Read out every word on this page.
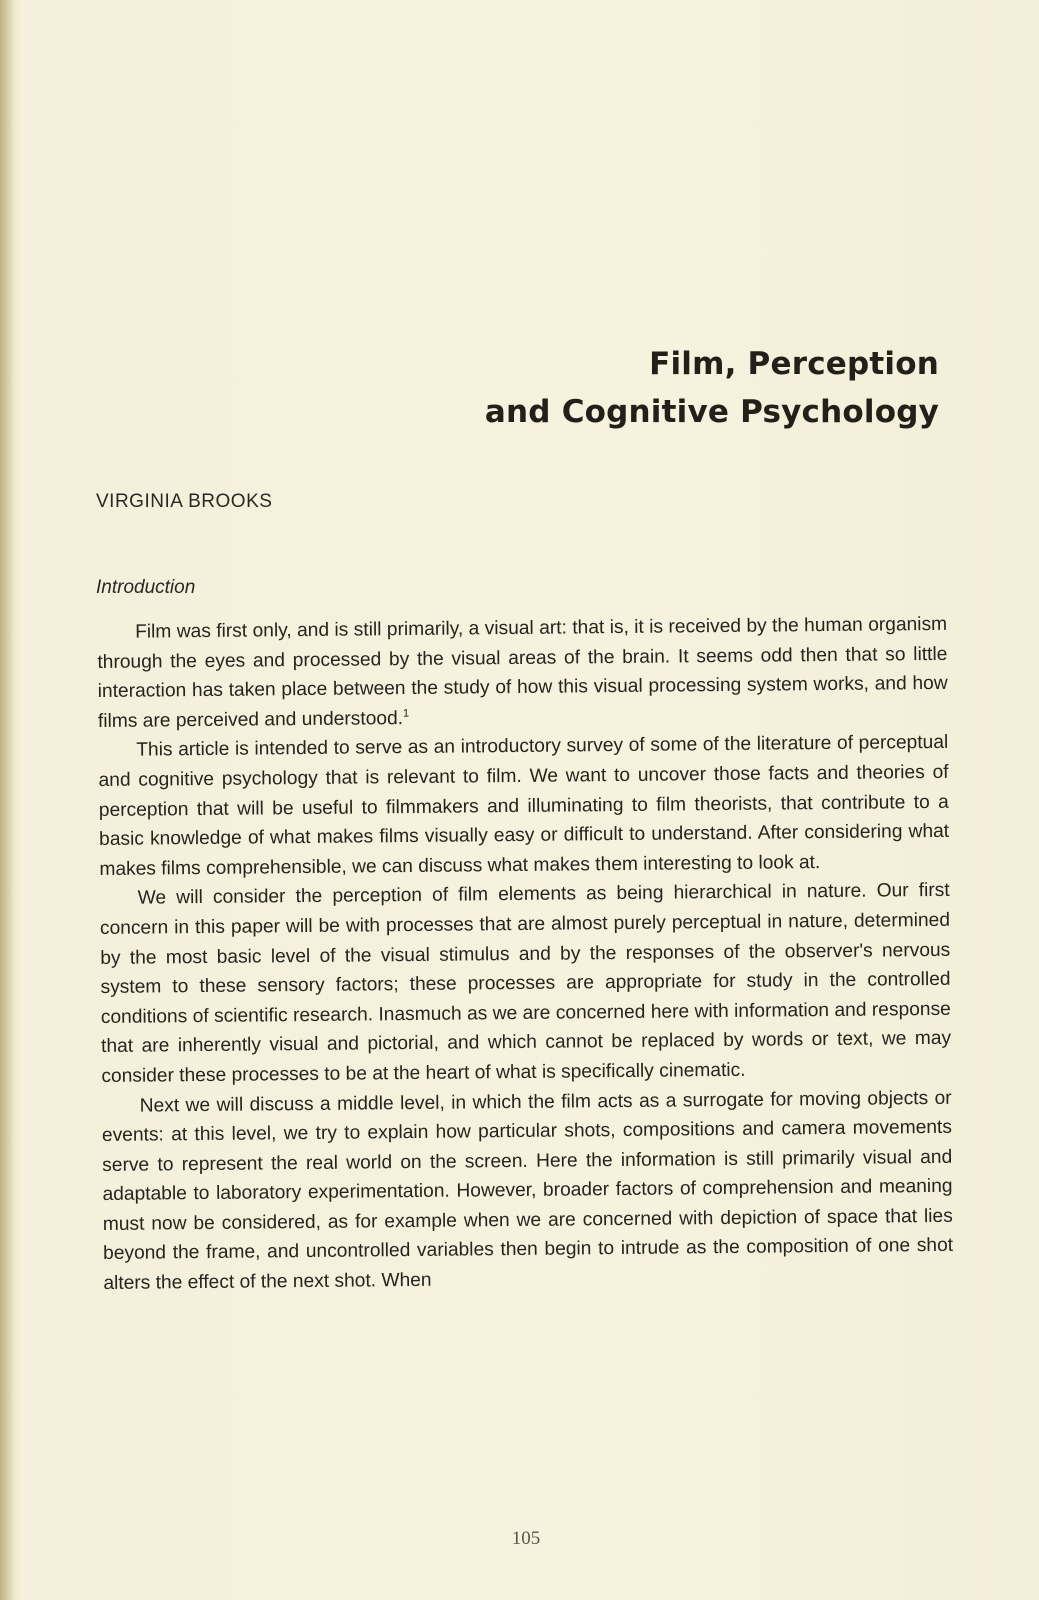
Film, Perception
and Cognitive Psychology
VIRGINIA BROOKS
Introduction

Film was first only, and is still primarily, a visual art: that is, it is received by the human organism through the eyes and processed by the visual areas of the brain. It seems odd then that so little interaction has taken place between the study of how this visual processing system works, and how films are perceived and understood.$^1$

This article is intended to serve as an introductory survey of some of the literature of perceptual and cognitive psychology that is relevant to film. We want to uncover those facts and theories of perception that will be useful to filmmakers and illuminating to film theorists, that contribute to a basic knowledge of what makes films visually easy or difficult to understand. After considering what makes films comprehensible, we can discuss what makes them interesting to look at.

We will consider the perception of film elements as being hierarchical in nature. Our first concern in this paper will be with processes that are almost purely perceptual in nature, determined by the most basic level of the visual stimulus and by the responses of the observer's nervous system to these sensory factors; these processes are appropriate for study in the controlled conditions of scientific research. Inasmuch as we are concerned here with information and response that are inherently visual and pictorial, and which cannot be replaced by words or text, we may consider these processes to be at the heart of what is specifically cinematic.

Next we will discuss a middle level, in which the film acts as a surrogate for moving objects or events: at this level, we try to explain how particular shots, compositions and camera movements serve to represent the real world on the screen. Here the information is still primarily visual and adaptable to laboratory experimentation. However, broader factors of comprehension and meaning must now be considered, as for example when we are concerned with depiction of space that lies beyond the frame, and uncontrolled variables then begin to intrude as the composition of one shot alters the effect of the next shot. When

105
